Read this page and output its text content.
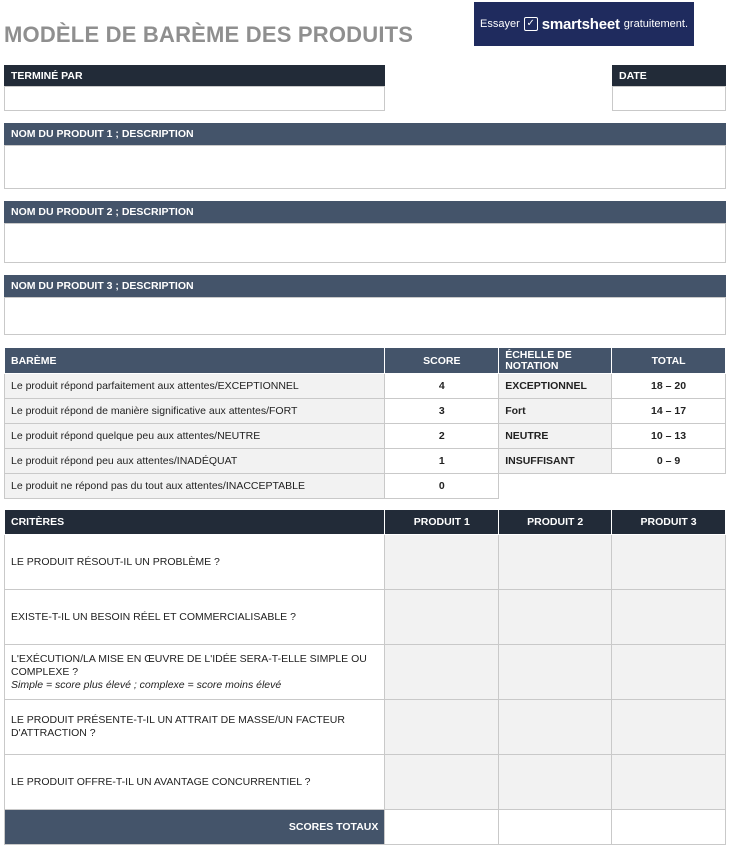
MODÈLE DE BARÈME DES PRODUITS	Essayer ✓ smartsheet gratuitement.
TERMINÉ PAR	DATE
NOM DU PRODUIT 1 ; DESCRIPTION
NOM DU PRODUIT 2 ; DESCRIPTION
NOM DU PRODUIT 3 ; DESCRIPTION
BARÈME	SCORE	ÉCHELLE DE NOTATION	TOTAL
Le produit répond parfaitement aux attentes/EXCEPTIONNEL	4	EXCEPTIONNEL	18 – 20
Le produit répond de manière significative aux attentes/FORT	3	Fort	14 – 17
Le produit répond quelque peu aux attentes/NEUTRE	2	NEUTRE	10 – 13
Le produit répond peu aux attentes/INADÉQUAT	1	INSUFFISANT	0 – 9
Le produit ne répond pas du tout aux attentes/INACCEPTABLE	0		
CRITÈRES	PRODUIT 1	PRODUIT 2	PRODUIT 3
LE PRODUIT RÉSOUT-IL UN PROBLÈME ?			
EXISTE-T-IL UN BESOIN RÉEL ET COMMERCIALISABLE ?			

L'EXÉCUTION/LA MISE EN ŒUVRE DE L'IDÉE SERA-T-ELLE SIMPLE OU COMPLEXE ?
Simple = score plus élevé ; complexe = score moins élevé			

LE PRODUIT PRÉSENTE-T-IL UN ATTRAIT DE MASSE/UN FACTEUR D'ATTRACTION ?			
LE PRODUIT OFFRE-T-IL UN AVANTAGE CONCURRENTIEL ?			
SCORES TOTAUX			
